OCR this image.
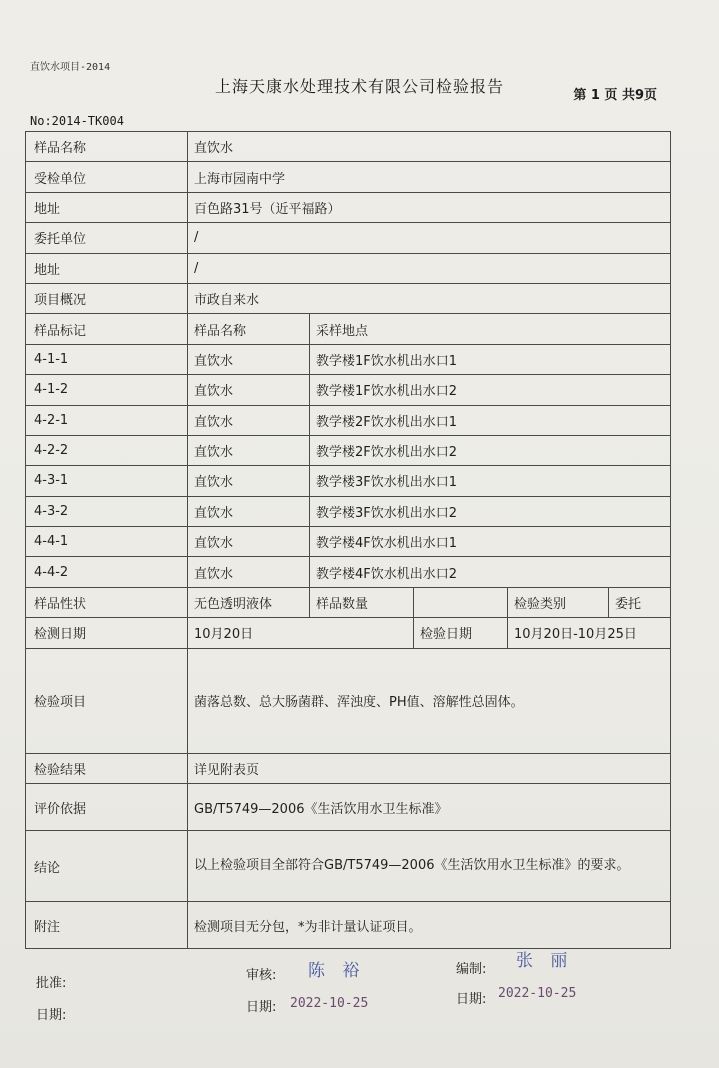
直饮水项目-2014
上海天康水处理技术有限公司检验报告	第 1 页 共9页
No:2014-TK004
样品名称	直饮水				
受检单位	上海市园南中学				
地址	百色路31号（近平福路）				
委托单位	/				
地址	/				
项目概况	市政自来水				
样品标记	样品名称	采样地点			
4-1-1	直饮水	教学楼1F饮水机出水口1			
4-1-2	直饮水	教学楼1F饮水机出水口2			
4-2-1	直饮水	教学楼2F饮水机出水口1			
4-2-2	直饮水	教学楼2F饮水机出水口2			
4-3-1	直饮水	教学楼3F饮水机出水口1			
4-3-2	直饮水	教学楼3F饮水机出水口2			
4-4-1	直饮水	教学楼4F饮水机出水口1			
4-4-2	直饮水	教学楼4F饮水机出水口2			
样品性状	无色透明液体	样品数量		检验类别	委托
检测日期	10月20日		检验日期	10月20日-10月25日	
检验项目	菌落总数、总大肠菌群、浑浊度、PH值、溶解性总固体。				
检验结果	详见附表页				
评价依据	GB/T5749—2006《生活饮用水卫生标准》				
结论	以上检验项目全部符合GB/T5749—2006《生活饮用水卫生标准》的要求。				
附注	检测项目无分包，*为非计量认证项目。				
批准:
日期:
审核: 陈 裕
日期: 2022-10-25
编制: 张 丽
日期: 2022-10-25
